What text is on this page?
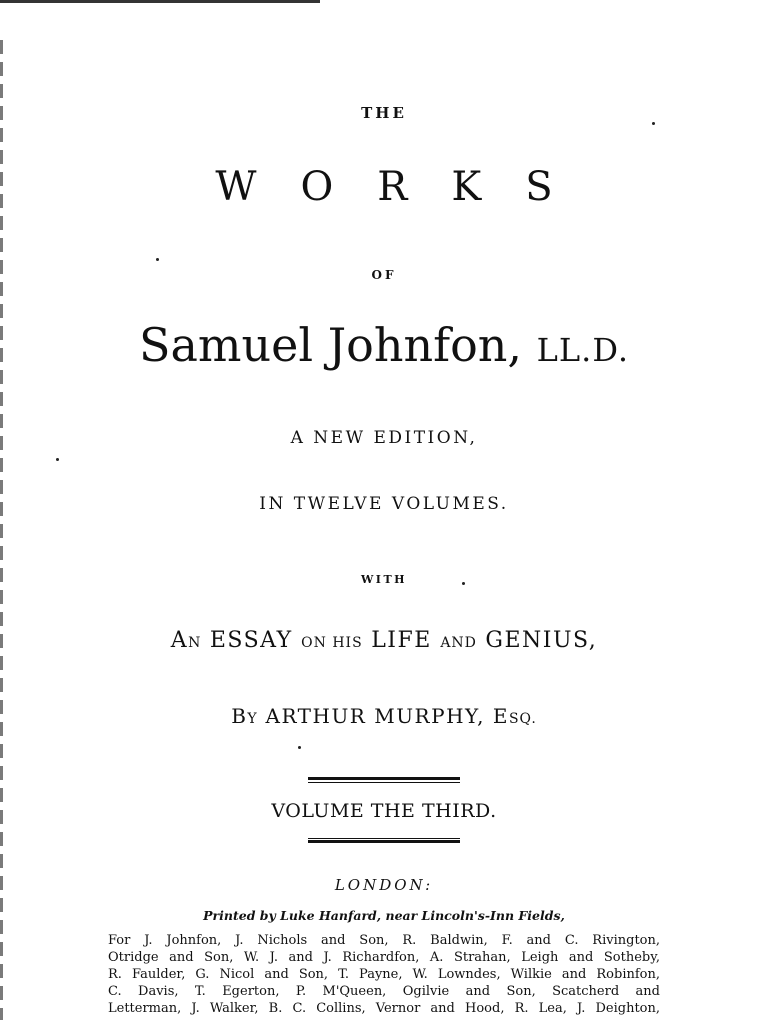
THE
WORKS
OF
Samuel Johnfon, LL.D.
A NEW EDITION,
IN TWELVE VOLUMES.
WITH
AN ESSAY ON HIS LIFE AND GENIUS,
BY ARTHUR MURPHY, ESQ.
VOLUME THE THIRD.
LONDON:
Printed by Luke Hanfard, near Lincoln's-Inn Fields,
For J. Johnfon, J. Nichols and Son, R. Baldwin, F. and C. Rivington,
Otridge and Son, W. J. and J. Richardfon, A. Strahan, Leigh and Sotheby,
R. Faulder, G. Nicol and Son, T. Payne, W. Lowndes, Wilkie and Robinfon,
C. Davis, T. Egerton, P. M'Queen, Ogilvie and Son, Scatcherd and
Letterman, J. Walker, B. C. Collins, Vernor and Hood, R. Lea, J. Deighton,
